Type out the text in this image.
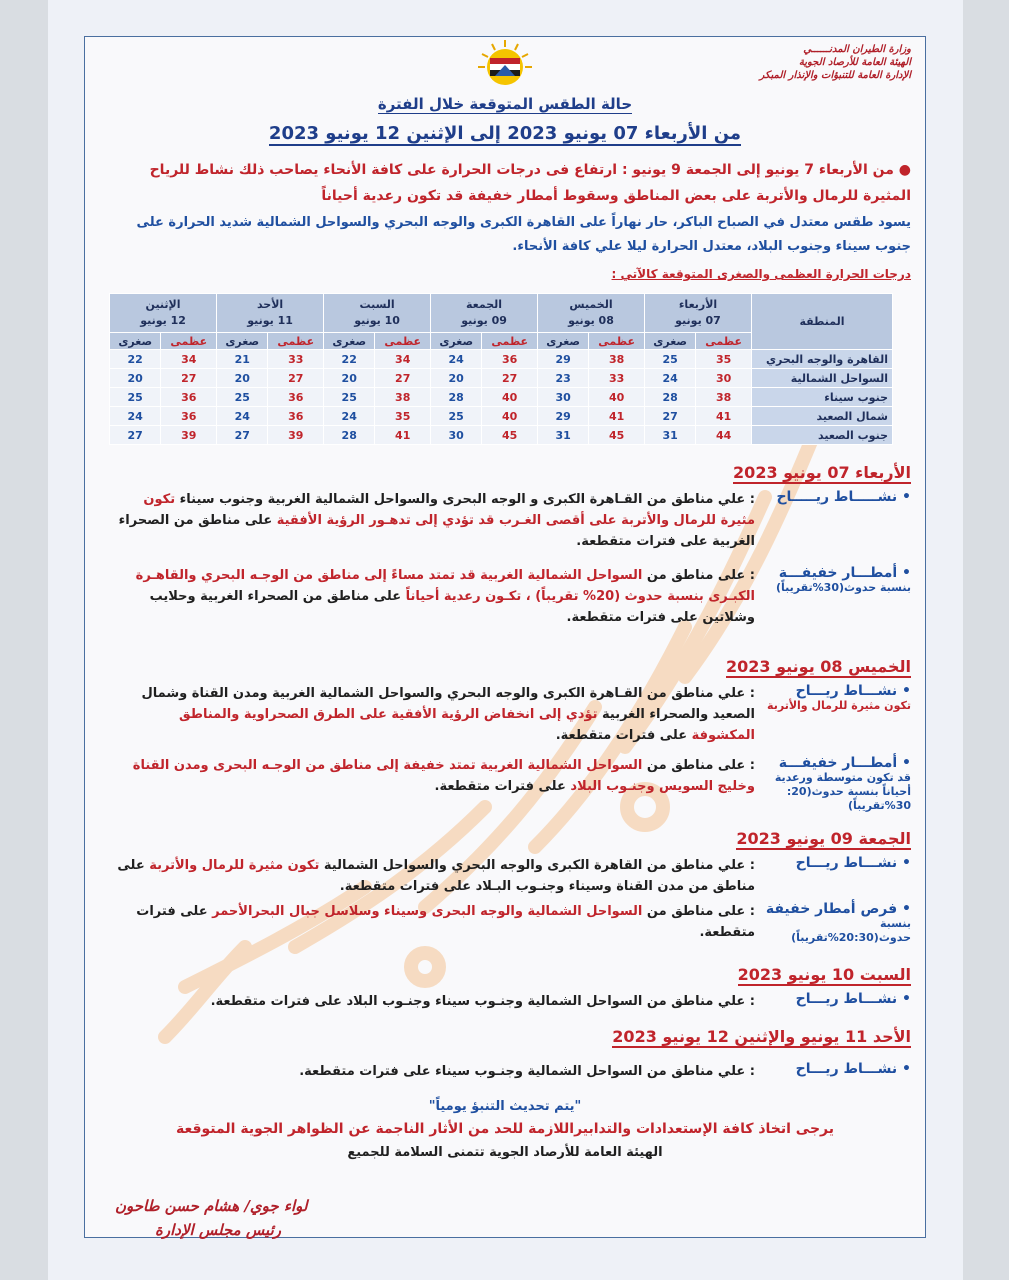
وزارة الطيران المدنــــــي
الهيئة العامة للأرصاد الجوية
الإدارة العامة للتنبؤات والإنذار المبكر
حالة الطقس المتوقعة خلال الفترة
من الأربعاء 07 يونيو 2023 إلى الإثنين 12 يونيو 2023
● من الأربعاء 7 يونيو إلى الجمعة 9 يونيو : ارتفاع فى درجات الحرارة على كافة الأنحاء يصاحب ذلك نشاط للرياح المثيرة للرمال والأتربة على بعض المناطق وسقوط أمطار خفيفة قد تكون رعدية أحياناً
يسود طقس معتدل في الصباح الباكر، حار نهاراً على القاهرة الكبرى والوجه البحري والسواحل الشمالية شديد الحرارة على جنوب سيناء وجنوب البلاد، معتدل الحرارة ليلا علي كافة الأنحاء.
درجات الحرارة العظمى والصغرى المتوقعة كالآتي :
المنطقة	الأربعاء
07 يونيو		الخميس
08 يونيو		الجمعة
09 يونيو		السبت
10 يونيو		الأحد
11 يونيو		الإثنين
12 يونيو	
	عظمى	صغرى	عظمى	صغرى	عظمى	صغرى	عظمى	صغرى	عظمى	صغرى	عظمى	صغرى
القاهرة والوجه البحري	35	25	38	29	36	24	34	22	33	21	34	22
السواحل الشمالية	30	24	33	23	27	20	27	20	27	20	27	20
جنوب سيناء	38	28	40	30	40	28	38	25	36	25	36	25
شمال الصعيد	41	27	41	29	40	25	35	24	36	24	36	24
جنوب الصعيد	44	31	45	31	45	30	41	28	39	27	39	27
الأربعاء 07 يونيو 2023
• نشـــــاط ريـــــاح
: علي مناطق من القـاهرة الكبرى و الوجه البحرى والسواحل الشمالية الغربية وجنوب سيناء تكون مثيرة للرمال والأتربة على أقصى الغـرب قد تؤدي إلى تدهـور الرؤية الأفقية على مناطق من الصحراء الغربية على فترات متقطعة.
• أمطـــار خفيفـــة
بنسبة حدوث(30%تقريباً)
: على مناطق من السواحل الشمالية الغربية قد تمتد مساءً إلى مناطق من الوجـه البحري والقاهـرة الكبـرى بنسبة حدوث (20% تقريباً) ، تكـون رعدية أحياناً على مناطق من الصحراء الغربية وحلايب وشلاتين على فترات متقطعة.
الخميس 08 يونيو 2023
• نشـــاط ريـــاح
تكون مثيرة للرمال والأتربة
: علي مناطق من القـاهرة الكبرى والوجه البحري والسواحل الشمالية الغربية ومدن القناة وشمال الصعيد والصحراء الغربية تؤدي إلى انخفاض الرؤية الأفقية على الطرق الصحراوية والمناطق المكشوفة على فترات متقطعة.
• أمطـــار خفيفـــة
قد تكون متوسطة ورعدية أحياناً بنسبة حدوث(20: 30%تقريباً)
: على مناطق من السواحل الشمالية الغربية تمتد خفيفة إلى مناطق من الوجـه البحرى ومدن القناة وخليج السويس وجنـوب البلاد على فترات متقطعة.
الجمعة 09 يونيو 2023
• نشـــاط ريـــاح
: علي مناطق من القاهرة الكبرى والوجه البحري والسواحل الشمالية تكون مثيرة للرمال والأتربة على مناطق من مدن القناة وسيناء وجنـوب البـلاد على فترات متقطعة.
• فرص أمطار خفيفة
بنسبة حدوث(20:30%تقريباً)
: على مناطق من السواحل الشمالية والوجه البحرى وسيناء وسلاسل جبال البحرالأحمر على فترات متقطعة.
السبت 10 يونيو 2023
• نشـــاط ريـــاح
: علي مناطق من السواحل الشمالية وجنـوب سيناء وجنـوب البلاد على فترات متقطعة.
الأحد 11 يونيو والإثنين 12 يونيو 2023
• نشـــاط ريـــاح
: علي مناطق من السواحل الشمالية وجنـوب سيناء على فترات متقطعة.
"يتم تحديث التنبؤ يومياً"
يرجى اتخاذ كافة الإستعدادات والتدابيراللازمة للحد من الأثار الناجمة عن الظواهر الجوية المتوقعة
الهيئة العامة للأرصاد الجوية تتمنى السلامة للجميع
لواء جوي/ هشام حسن طاحون
رئيس مجلس الإدارة
